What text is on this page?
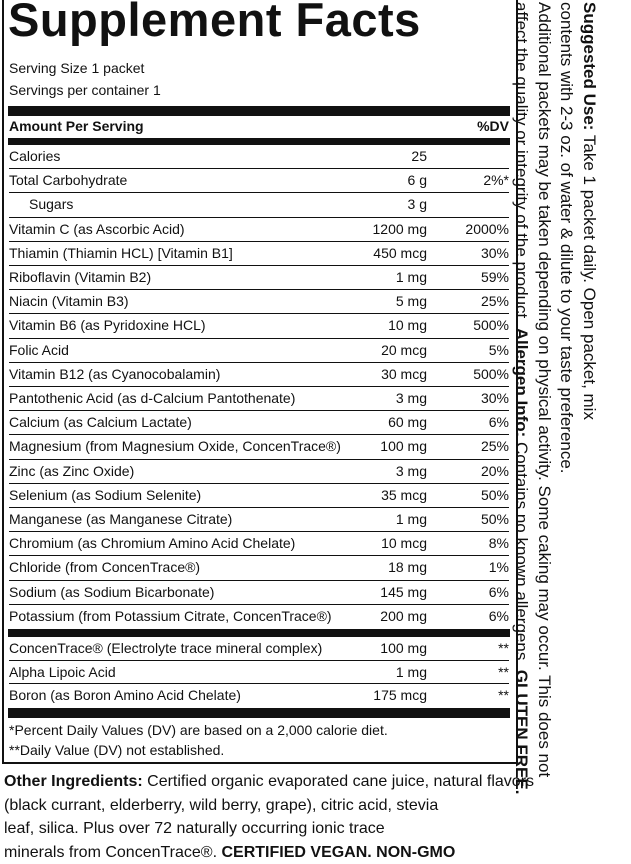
Supplement Facts
Serving Size 1 packet
Servings per container 1
Amount Per Serving	%DV
Calories	25
Total Carbohydrate	6 g	2%*
Sugars	3 g
Vitamin C (as Ascorbic Acid)	1200 mg	2000%
Thiamin (Thiamin HCL) [Vitamin B1]	450 mcg	30%
Riboflavin (Vitamin B2)	1 mg	59%
Niacin (Vitamin B3)	5 mg	25%
Vitamin B6 (as Pyridoxine HCL)	10 mg	500%
Folic Acid	20 mcg	5%
Vitamin B12 (as Cyanocobalamin)	30 mcg	500%
Pantothenic Acid (as d-Calcium Pantothenate)	3 mg	30%
Calcium (as Calcium Lactate)	60 mg	6%
Magnesium (from Magnesium Oxide, ConcenTrace®)	100 mg	25%
Zinc (as Zinc Oxide)	3 mg	20%
Selenium (as Sodium Selenite)	35 mcg	50%
Manganese (as Manganese Citrate)	1 mg	50%
Chromium (as Chromium Amino Acid Chelate)	10 mcg	8%
Chloride (from ConcenTrace®)	18 mg	1%
Sodium (as Sodium Bicarbonate)	145 mg	6%
Potassium (from Potassium Citrate, ConcenTrace®)	200 mg	6%
ConcenTrace® (Electrolyte trace mineral complex)	100 mg	**
Alpha Lipoic Acid	1 mg	**
Boron (as Boron Amino Acid Chelate)	175 mcg	**
*Percent Daily Values (DV) are based on a 2,000 calorie diet.
**Daily Value (DV) not established.
Other Ingredients: Certified organic evaporated cane juice, natural flavors
(black currant, elderberry, wild berry, grape), citric acid, stevia
leaf, silica. Plus over 72 naturally occurring ionic trace
minerals from ConcenTrace®. CERTIFIED VEGAN. NON-GMO
Suggested Use: Take 1 packet daily. Open packet, mix
contents with 2-3 oz. of water & dilute to your taste preference.
Additional packets may be taken depending on physical activity. Some caking may occur. This does not
affect the quality or integrity of the product. Allergen Info: Contains no known allergens. GLUTEN FREE.
